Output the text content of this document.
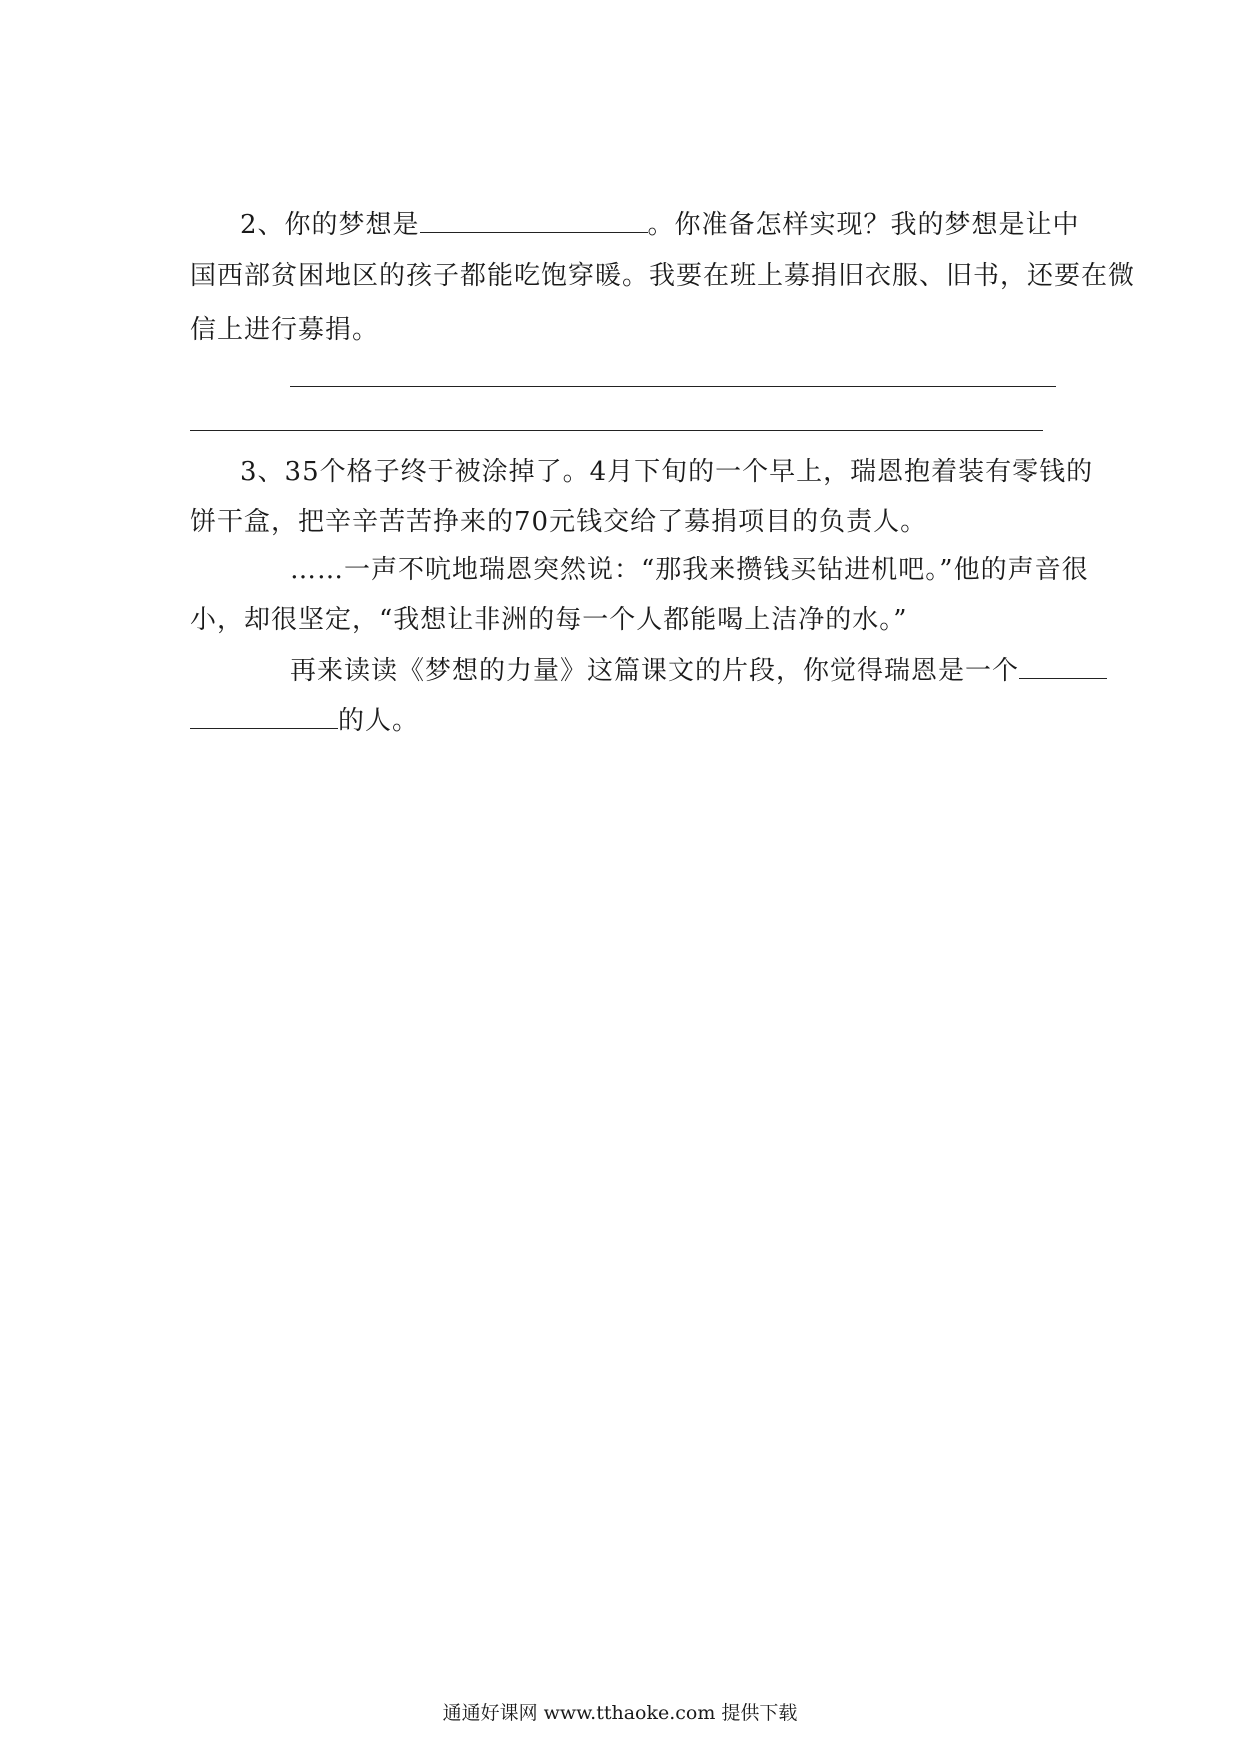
2、你的梦想是	。你准备怎样实现？我的梦想是让中
国西部贫困地区的孩子都能吃饱穿暖。我要在班上募捐旧衣服、旧书，还要在微
信上进行募捐。
3、35个格子终于被涂掉了。4月下旬的一个早上，瑞恩抱着装有零钱的
饼干盒，把辛辛苦苦挣来的70元钱交给了募捐项目的负责人。
……一声不吭地瑞恩突然说：“那我来攒钱买钻进机吧。”他的声音很
小，却很坚定，“我想让非洲的每一个人都能喝上洁净的水。”
再来读读《梦想的力量》这篇课文的片段，你觉得瑞恩是一个
的人。
通通好课网 www.tthaoke.com 提供下载
